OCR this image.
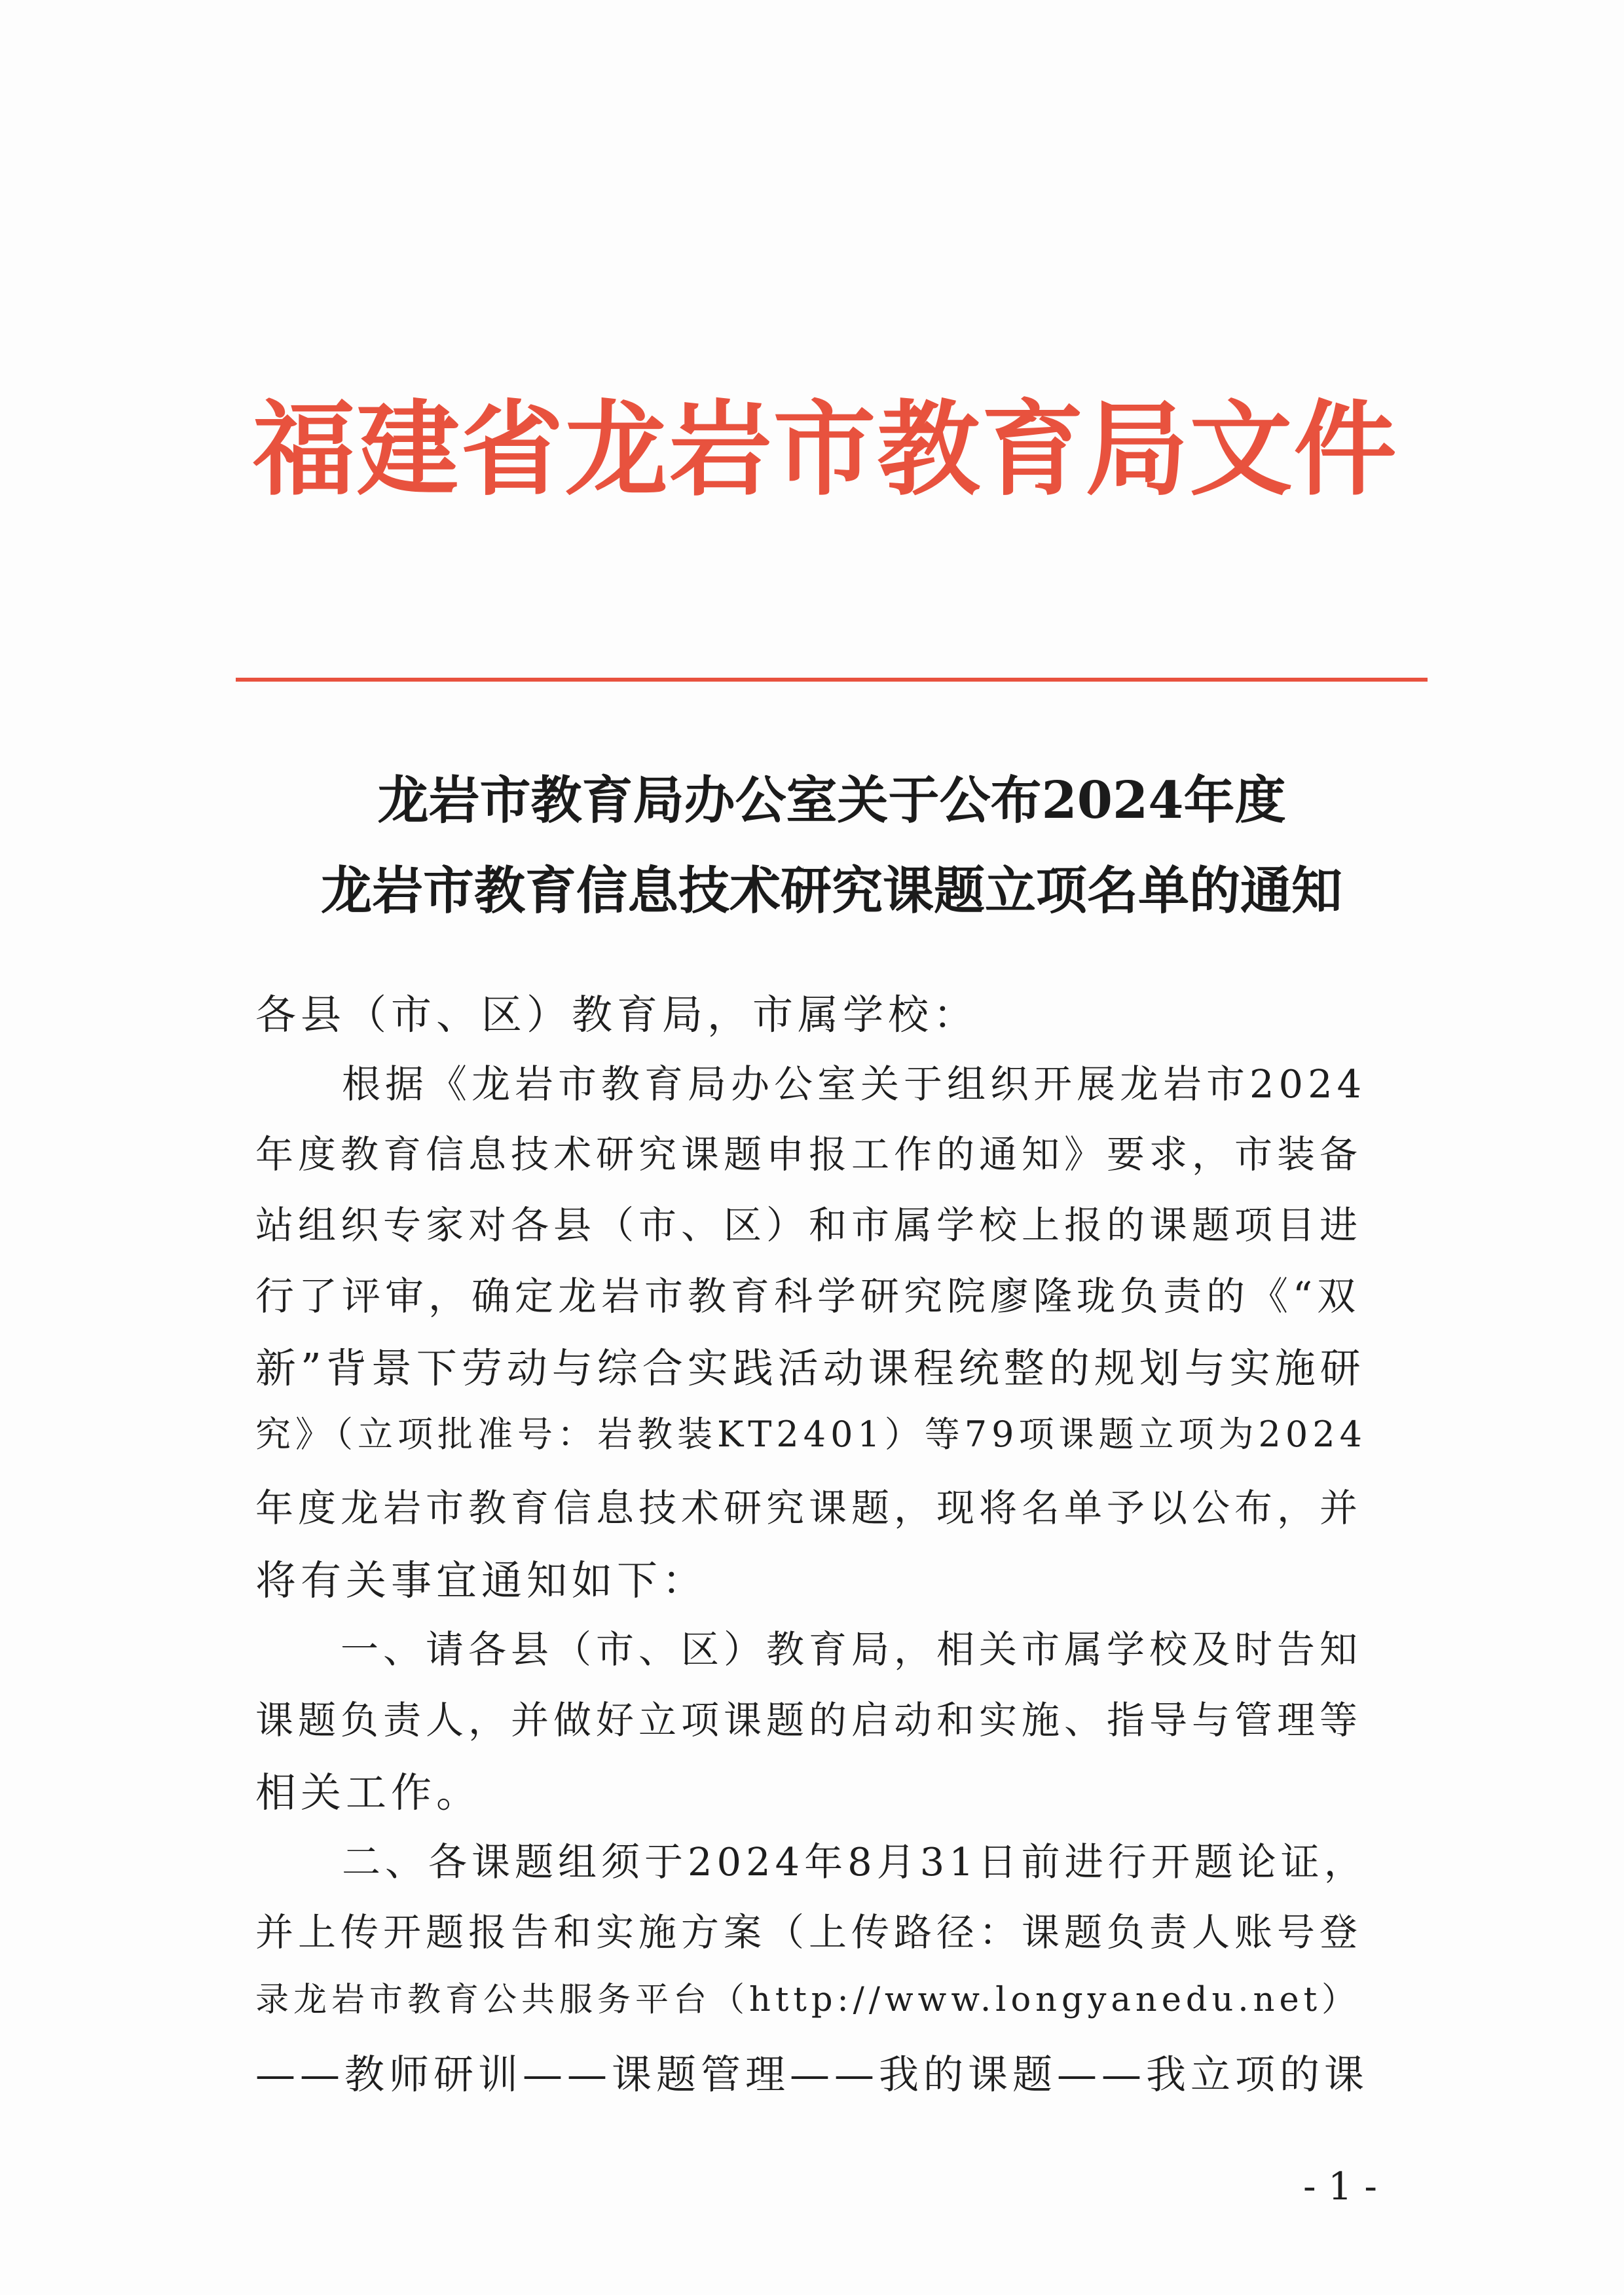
福建省龙岩市教育局文件
龙岩市教育局办公室关于公布2024年度
龙岩市教育信息技术研究课题立项名单的通知
各县（市、区）教育局，市属学校：
　　根据《龙岩市教育局办公室关于组织开展龙岩市2024
年度教育信息技术研究课题申报工作的通知》要求，市装备
站组织专家对各县（市、区）和市属学校上报的课题项目进
行了评审，确定龙岩市教育科学研究院廖隆珑负责的《“双
新”背景下劳动与综合实践活动课程统整的规划与实施研
究》（立项批准号：岩教装KT2401）等79项课题立项为2024
年度龙岩市教育信息技术研究课题，现将名单予以公布，并
将有关事宜通知如下：
　　一、请各县（市、区）教育局，相关市属学校及时告知
课题负责人，并做好立项课题的启动和实施、指导与管理等
相关工作。
　　二、各课题组须于2024年8月31日前进行开题论证，
并上传开题报告和实施方案（上传路径：课题负责人账号登
录龙岩市教育公共服务平台（http://www.longyanedu.net）
——教师研训——课题管理——我的课题——我立项的课
- 1 -
